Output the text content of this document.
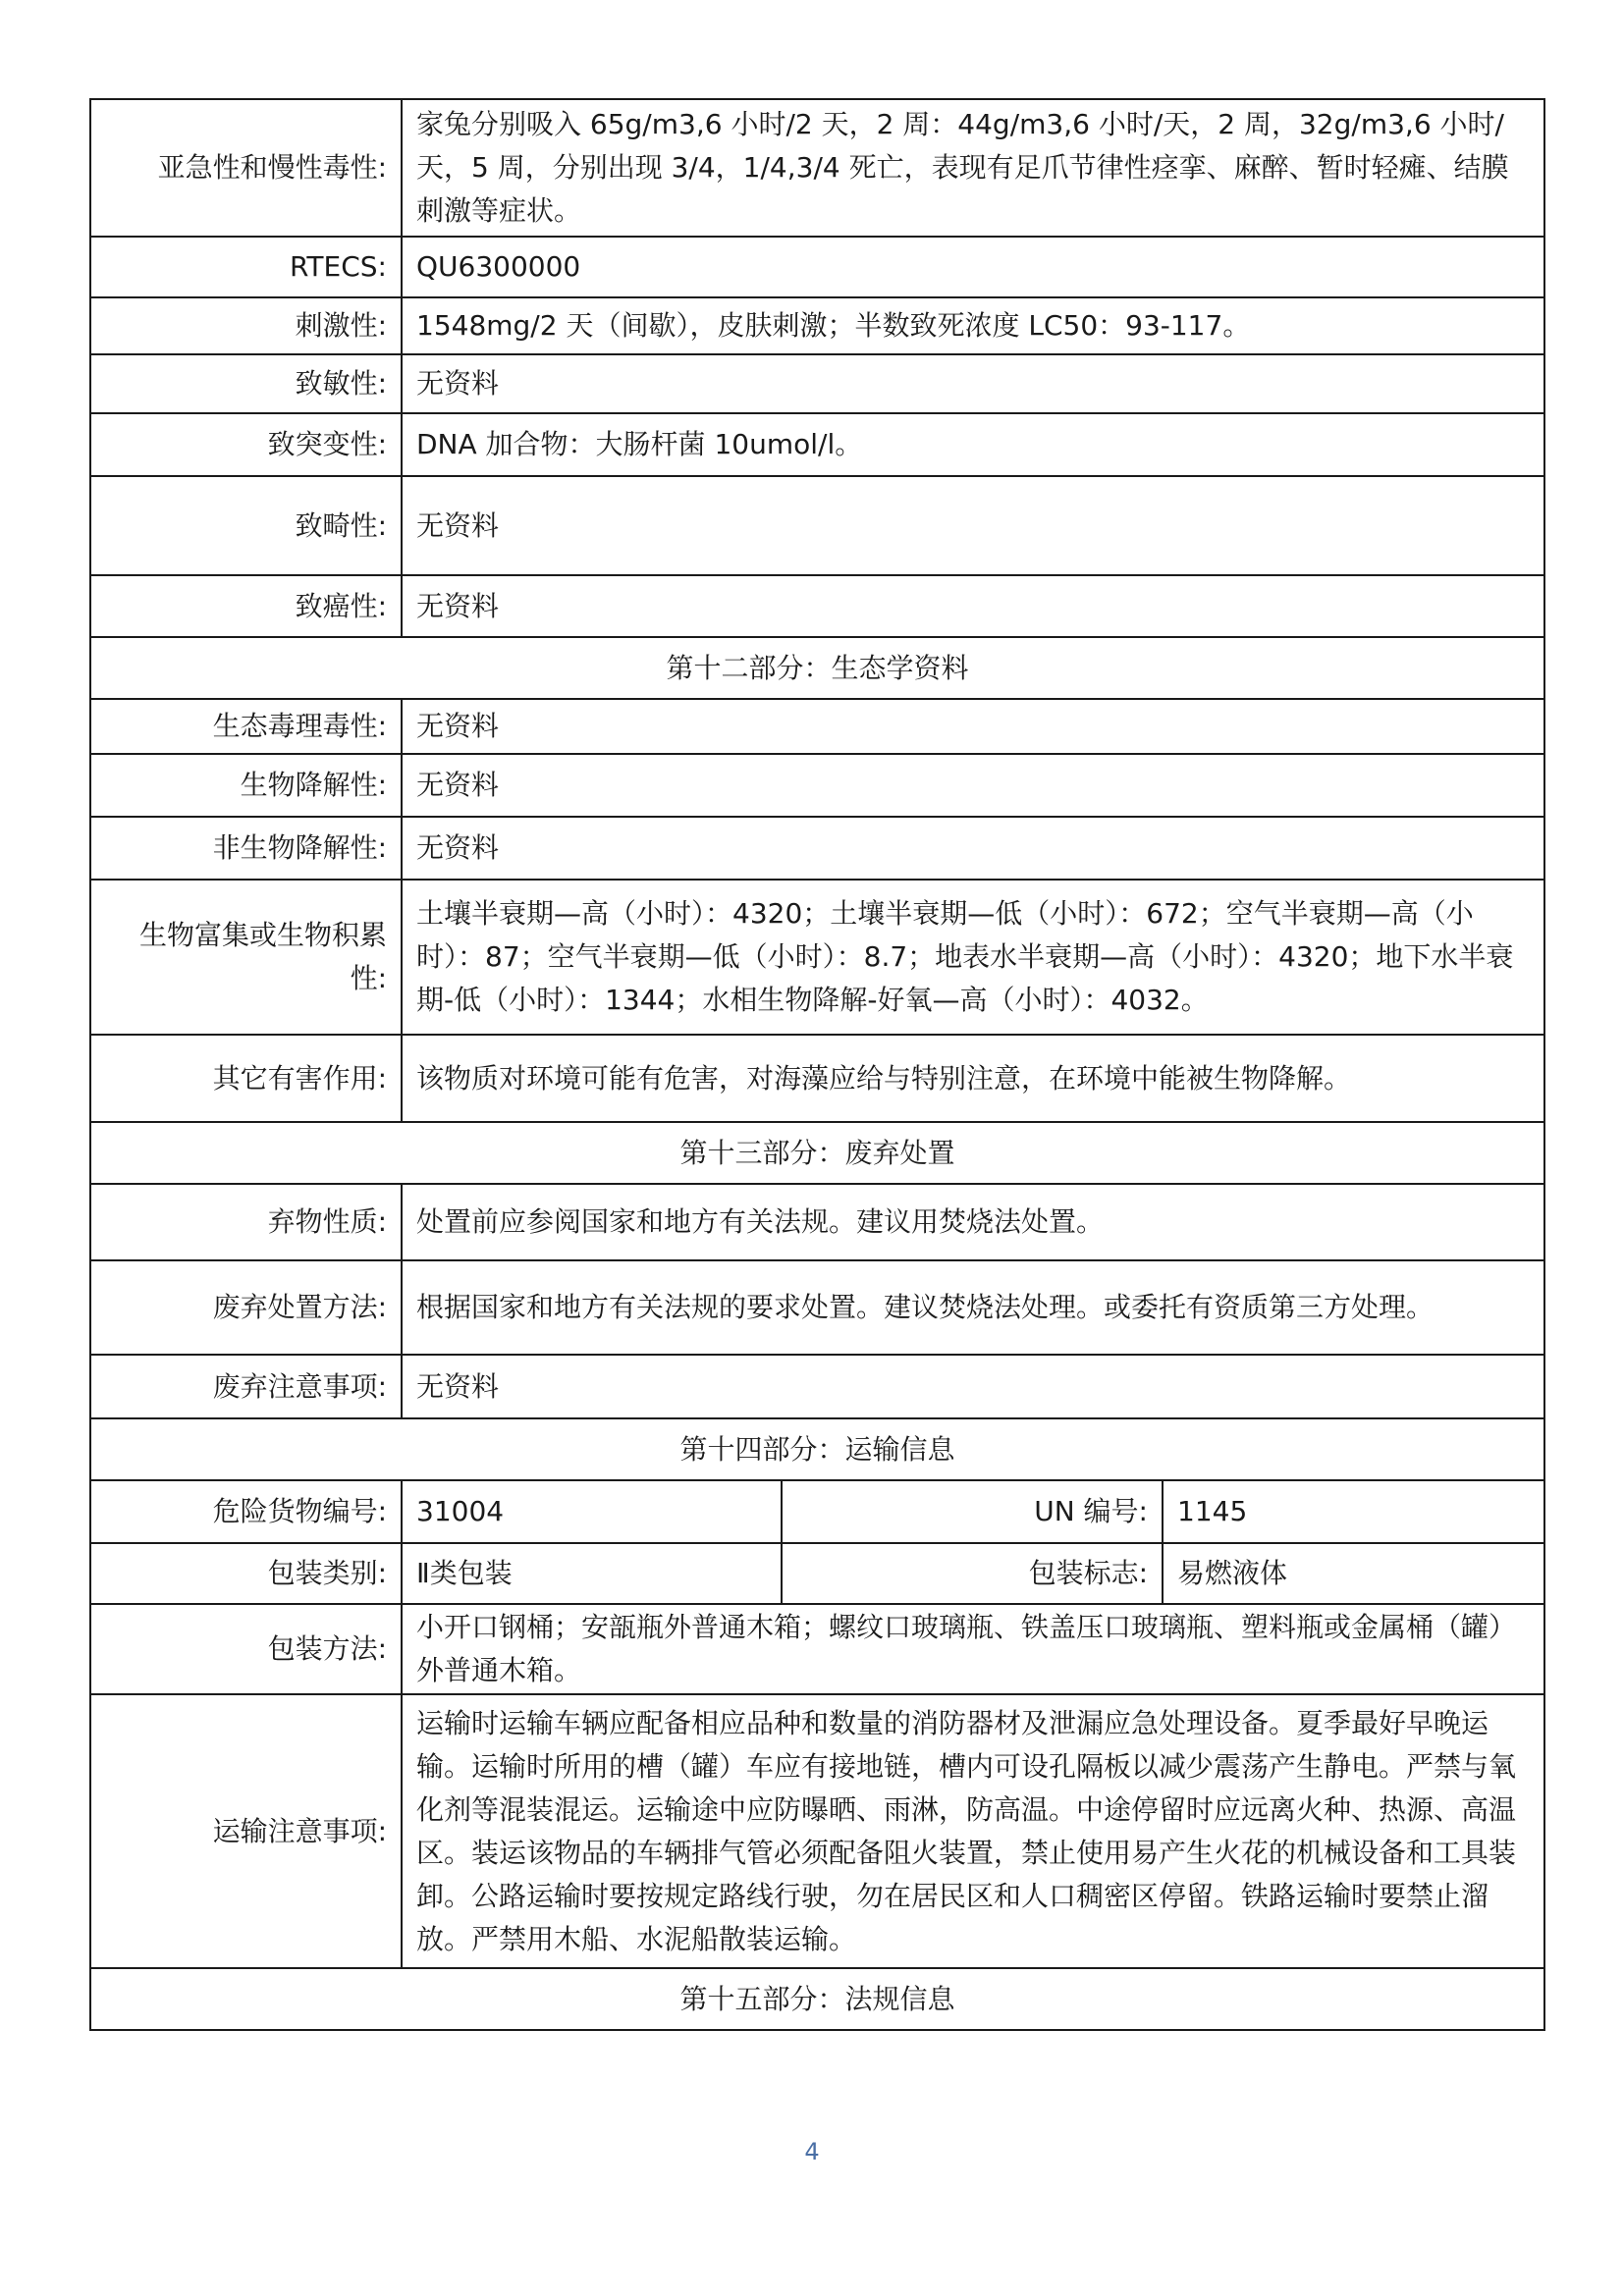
亚急性和慢性毒性:	家兔分别吸入 65g/m3,6 小时/2 天，2 周：44g/m3,6 小时/天，2 周，32g/m3,6 小时/天，5 周，分别出现 3/4，1/4,3/4 死亡，表现有足爪节律性痉挛、麻醉、暂时轻瘫、结膜刺激等症状。		
RTECS:	QU6300000		
刺激性:	1548mg/2 天（间歇），皮肤刺激；半数致死浓度 LC50：93-117。		
致敏性:	无资料		
致突变性:	DNA 加合物：大肠杆菌 10umol/l。		
致畸性:	无资料		
致癌性:	无资料		
第十二部分：生态学资料			
生态毒理毒性:	无资料		
生物降解性:	无资料		
非生物降解性:	无资料		
生物富集或生物积累性:	土壤半衰期—高（小时）：4320；土壤半衰期—低（小时）：672；空气半衰期—高（小时）：87；空气半衰期—低（小时）：8.7；地表水半衰期—高（小时）：4320；地下水半衰期-低（小时）：1344；水相生物降解-好氧—高（小时）：4032。		
其它有害作用:	该物质对环境可能有危害，对海藻应给与特别注意，在环境中能被生物降解。		
第十三部分：废弃处置			
弃物性质:	处置前应参阅国家和地方有关法规。建议用焚烧法处置。		
废弃处置方法:	根据国家和地方有关法规的要求处置。建议焚烧法处理。或委托有资质第三方处理。		
废弃注意事项:	无资料		
第十四部分：运输信息			
危险货物编号:	31004	UN 编号:	1145
包装类别:	Ⅱ类包装	包装标志:	易燃液体
包装方法:	小开口钢桶；安瓿瓶外普通木箱；螺纹口玻璃瓶、铁盖压口玻璃瓶、塑料瓶或金属桶（罐）外普通木箱。		
运输注意事项:	运输时运输车辆应配备相应品种和数量的消防器材及泄漏应急处理设备。夏季最好早晚运输。运输时所用的槽（罐）车应有接地链，槽内可设孔隔板以减少震荡产生静电。严禁与氧化剂等混装混运。运输途中应防曝晒、雨淋，防高温。中途停留时应远离火种、热源、高温区。装运该物品的车辆排气管必须配备阻火装置，禁止使用易产生火花的机械设备和工具装卸。公路运输时要按规定路线行驶，勿在居民区和人口稠密区停留。铁路运输时要禁止溜放。严禁用木船、水泥船散装运输。		
第十五部分：法规信息			
4
